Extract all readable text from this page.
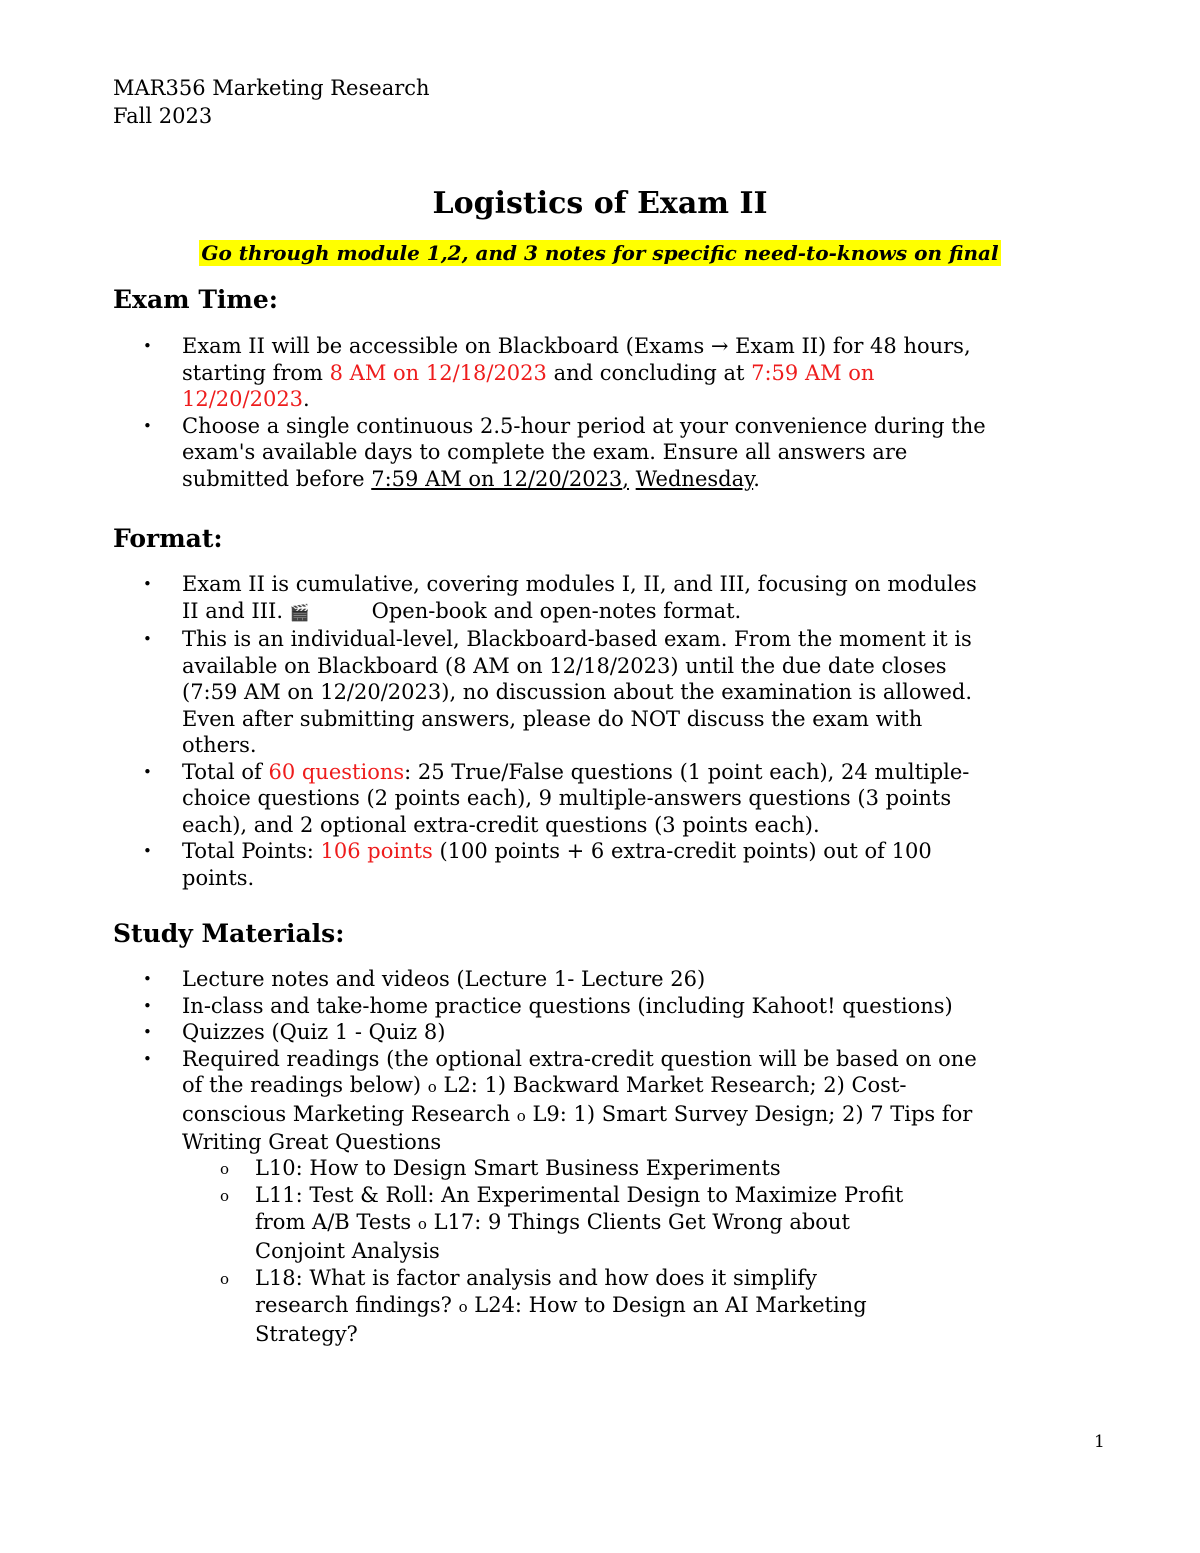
MAR356 Marketing Research
Fall 2023
Logistics of Exam II
Go through module 1,2, and 3 notes for specific need-to-knows on final
Exam Time:
• Exam II will be accessible on Blackboard (Exams → Exam II) for 48 hours,
starting from 8 AM on 12/18/2023 and concluding at 7:59 AM on
12/20/2023.
• Choose a single continuous 2.5-hour period at your convenience during the
exam's available days to complete the exam. Ensure all answers are
submitted before 7:59 AM on 12/20/2023, Wednesday.
Format:
• Exam II is cumulative, covering modules I, II, and III, focusing on modules
II and III. 🎬	Open-book and open-notes format.
• This is an individual-level, Blackboard-based exam. From the moment it is
available on Blackboard (8 AM on 12/18/2023) until the due date closes
(7:59 AM on 12/20/2023), no discussion about the examination is allowed.
Even after submitting answers, please do NOT discuss the exam with
others.
• Total of 60 questions: 25 True/False questions (1 point each), 24 multiple-
choice questions (2 points each), 9 multiple-answers questions (3 points
each), and 2 optional extra-credit questions (3 points each).
• Total Points: 106 points (100 points + 6 extra-credit points) out of 100
points.
Study Materials:
• Lecture notes and videos (Lecture 1- Lecture 26)
• In-class and take-home practice questions (including Kahoot! questions)
• Quizzes (Quiz 1 - Quiz 8)
• Required readings (the optional extra-credit question will be based on one
of the readings below) o L2: 1) Backward Market Research; 2) Cost-
conscious Marketing Research o L9: 1) Smart Survey Design; 2) 7 Tips for
Writing Great Questions
o L10: How to Design Smart Business Experiments
o L11: Test & Roll: An Experimental Design to Maximize Profit
from A/B Tests o L17: 9 Things Clients Get Wrong about
Conjoint Analysis
o L18: What is factor analysis and how does it simplify
research findings? o L24: How to Design an AI Marketing
Strategy?
1
